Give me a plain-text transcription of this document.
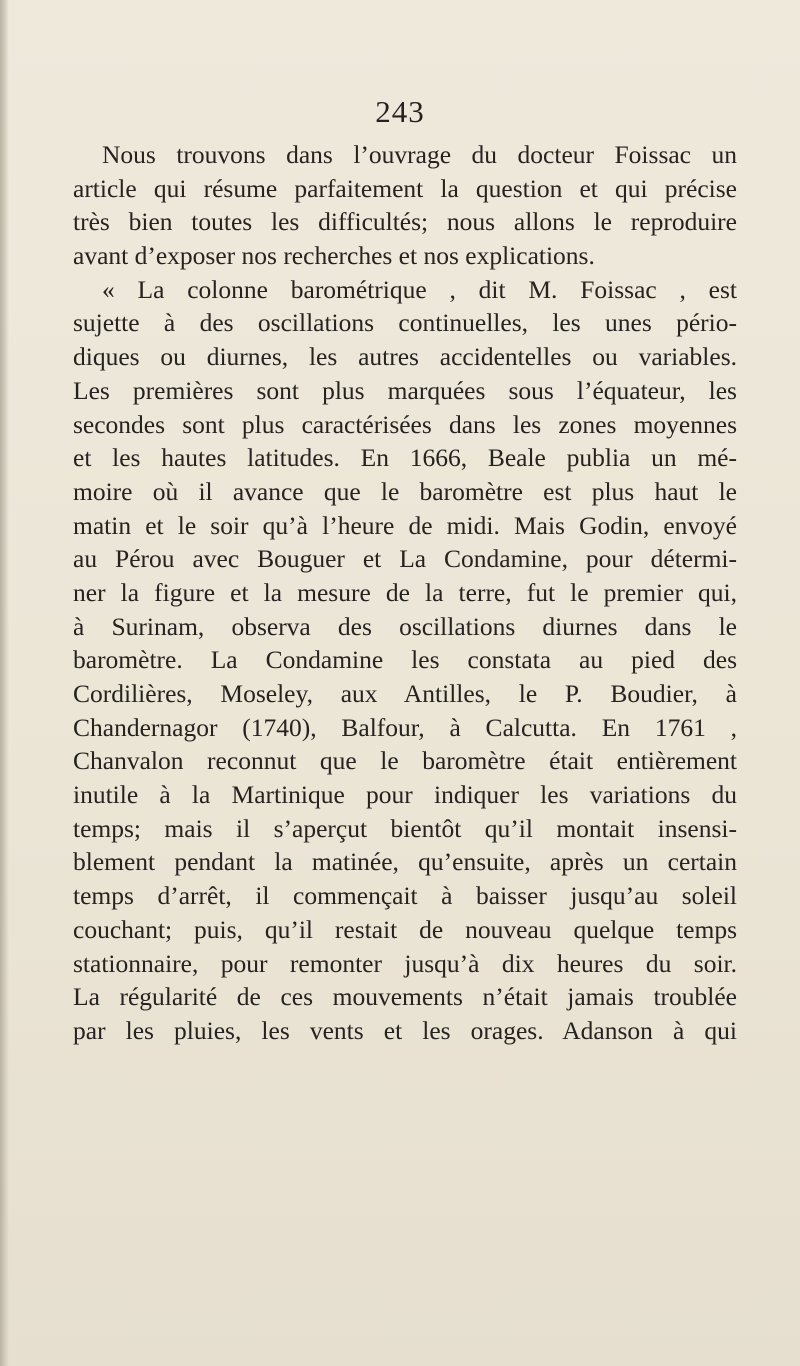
243
Nous trouvons dans l’ouvrage du docteur Foissac un
article qui résume parfaitement la question et qui précise
très bien toutes les difficultés; nous allons le reproduire
avant d’exposer nos recherches et nos explications.
« La colonne barométrique , dit M. Foissac , est
sujette à des oscillations continuelles, les unes pério-
diques ou diurnes, les autres accidentelles ou variables.
Les premières sont plus marquées sous l’équateur, les
secondes sont plus caractérisées dans les zones moyennes
et les hautes latitudes. En 1666, Beale publia un mé-
moire où il avance que le baromètre est plus haut le
matin et le soir qu’à l’heure de midi. Mais Godin, envoyé
au Pérou avec Bouguer et La Condamine, pour détermi-
ner la figure et la mesure de la terre, fut le premier qui,
à Surinam, observa des oscillations diurnes dans le
baromètre. La Condamine les constata au pied des
Cordilières, Moseley, aux Antilles, le P. Boudier, à
Chandernagor (1740), Balfour, à Calcutta. En 1761 ,
Chanvalon reconnut que le baromètre était entièrement
inutile à la Martinique pour indiquer les variations du
temps; mais il s’aperçut bientôt qu’il montait insensi-
blement pendant la matinée, qu’ensuite, après un certain
temps d’arrêt, il commençait à baisser jusqu’au soleil
couchant; puis, qu’il restait de nouveau quelque temps
stationnaire, pour remonter jusqu’à dix heures du soir.
La régularité de ces mouvements n’était jamais troublée
par les pluies, les vents et les orages. Adanson à qui
